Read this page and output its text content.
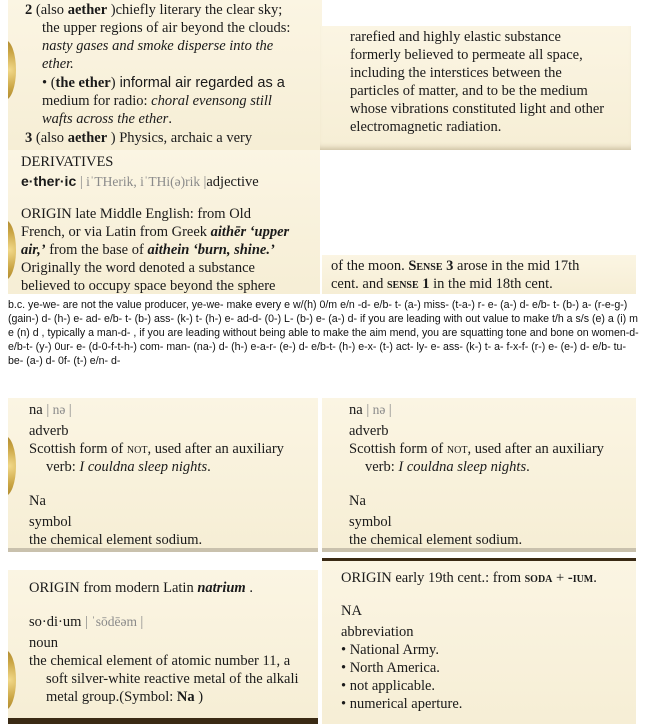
2 (also aether )chiefly literary the clear sky;
the upper regions of air beyond the clouds:
nasty gases and smoke disperse into the
ether.
• (the ether) informal air regarded as a
medium for radio: choral evensong still
wafts across the ether.
3 (also aether ) Physics, archaic a very
rarefied and highly elastic substance
formerly believed to permeate all space,
including the interstices between the
particles of matter, and to be the medium
whose vibrations constituted light and other
electromagnetic radiation.
DERIVATIVES
e·ther·ic | iˈTHerik, iˈTHi(ə)rik |adjective
ORIGIN late Middle English: from Old
French, or via Latin from Greek aithēr ‘upper
air,’ from the base of aithein ‘burn, shine.’
Originally the word denoted a substance
believed to occupy space beyond the sphere
of the moon. Sense 3 arose in the mid 17th
cent. and sense 1 in the mid 18th cent.
b.c. ye-we- are not the value producer, ye-we- make every e w/(h) 0/m e/n -d- e/b- t- (a-) miss- (t-a-) r- e- (a-) d- e/b- t- (b-) a- (r-e-g-)(gain-) d- (h-) e- ad- e/b- t- (b-) ass- (k-) t- (h-) e- ad-d- (0-) L- (b-) e- (a-) d- if you are leading with out value to make t/h a s/s (e) a (i) m e (n) d , typically a man-d- , if you are leading without being able to make the aim mend, you are squatting tone and bone on women-d- e/b-t- (y-) 0ur- e- (d-0-f-t-h-) com- man- (na-) d- (h-) e-a-r- (e-) d- e/b-t- (h-) e-x- (t-) act- ly- e- ass- (k-) t- a- f-x-f- (r-) e- (e-) d- e/b- tu- be- (a-) d- 0f- (t-) e/n- d-
na | nə |
adverb
Scottish form of not, used after an auxiliary
verb: I couldna sleep nights.
Na
symbol
the chemical element sodium.
na | nə |
adverb
Scottish form of not, used after an auxiliary
verb: I couldna sleep nights.
Na
symbol
the chemical element sodium.
ORIGIN from modern Latin natrium .
so·di·um | ˈsōdēəm |
noun
the chemical element of atomic number 11, a
soft silver-white reactive metal of the alkali
metal group.(Symbol: Na )
ORIGIN early 19th cent.: from soda + -ium.
NA
abbreviation
• National Army.
• North America.
• not applicable.
• numerical aperture.
